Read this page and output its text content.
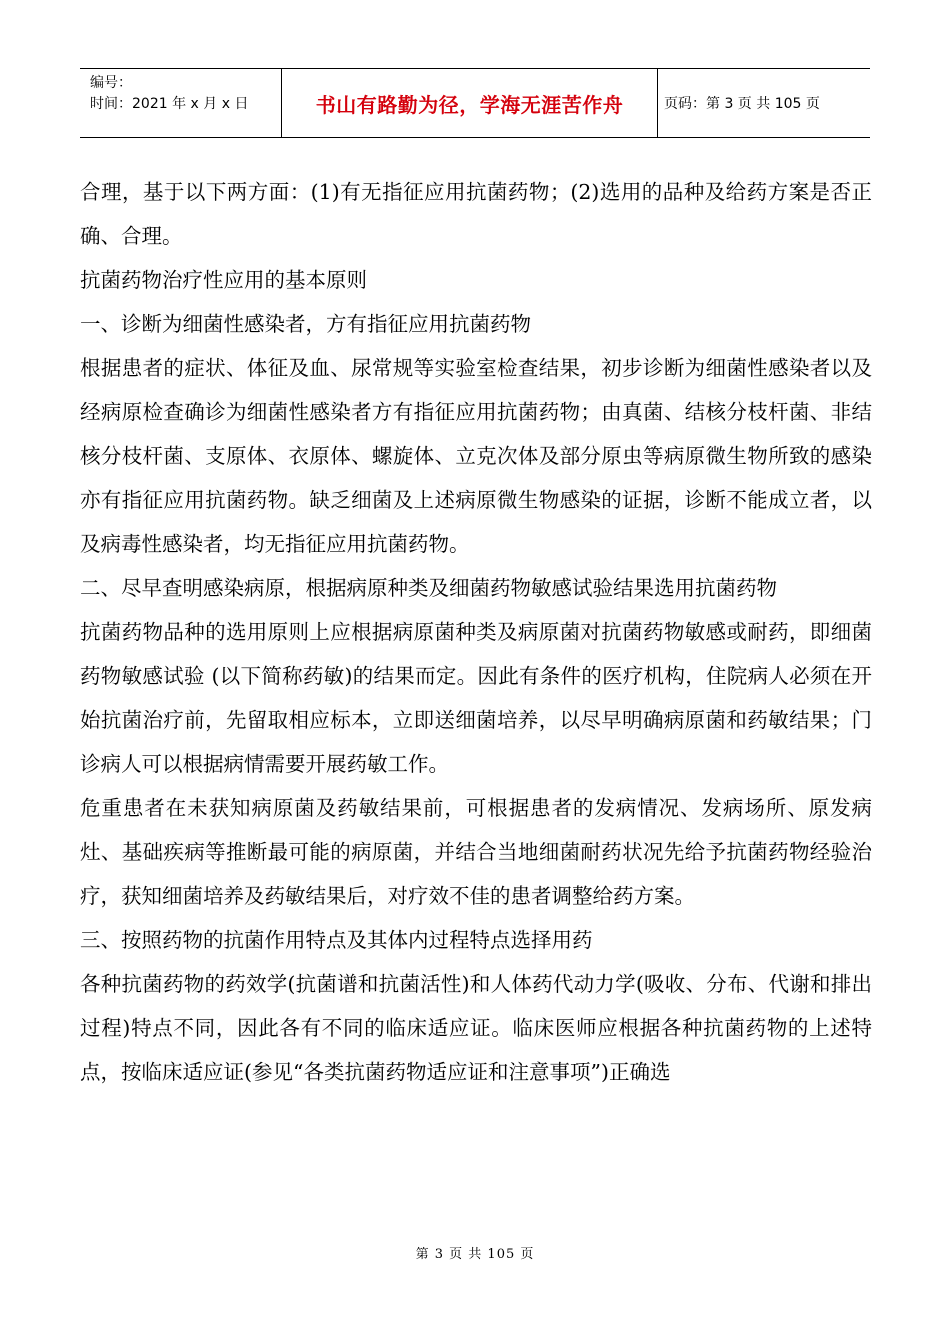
编号：
时间：2021 年 x 月 x 日	书山有路勤为径，学海无涯苦作舟	页码：第 3 页 共 105 页

合理，基于以下两方面：(1)有无指征应用抗菌药物；(2)选用的品种及给药方案是否正确、合理。

抗菌药物治疗性应用的基本原则

一、诊断为细菌性感染者，方有指征应用抗菌药物

根据患者的症状、体征及血、尿常规等实验室检查结果，初步诊断为细菌性感染者以及经病原检查确诊为细菌性感染者方有指征应用抗菌药物；由真菌、结核分枝杆菌、非结核分枝杆菌、支原体、衣原体、螺旋体、立克次体及部分原虫等病原微生物所致的感染亦有指征应用抗菌药物。缺乏细菌及上述病原微生物感染的证据，诊断不能成立者，以及病毒性感染者，均无指征应用抗菌药物。

二、尽早查明感染病原，根据病原种类及细菌药物敏感试验结果选用抗菌药物

抗菌药物品种的选用原则上应根据病原菌种类及病原菌对抗菌药物敏感或耐药，即细菌药物敏感试验 (以下简称药敏)的结果而定。因此有条件的医疗机构，住院病人必须在开始抗菌治疗前，先留取相应标本，立即送细菌培养，以尽早明确病原菌和药敏结果；门诊病人可以根据病情需要开展药敏工作。

危重患者在未获知病原菌及药敏结果前，可根据患者的发病情况、发病场所、原发病灶、基础疾病等推断最可能的病原菌，并结合当地细菌耐药状况先给予抗菌药物经验治疗，获知细菌培养及药敏结果后，对疗效不佳的患者调整给药方案。

三、按照药物的抗菌作用特点及其体内过程特点选择用药

各种抗菌药物的药效学(抗菌谱和抗菌活性)和人体药代动力学(吸收、分布、代谢和排出过程)特点不同，因此各有不同的临床适应证。临床医师应根据各种抗菌药物的上述特点，按临床适应证(参见“各类抗菌药物适应证和注意事项”)正确选

第 3 页 共 105 页
